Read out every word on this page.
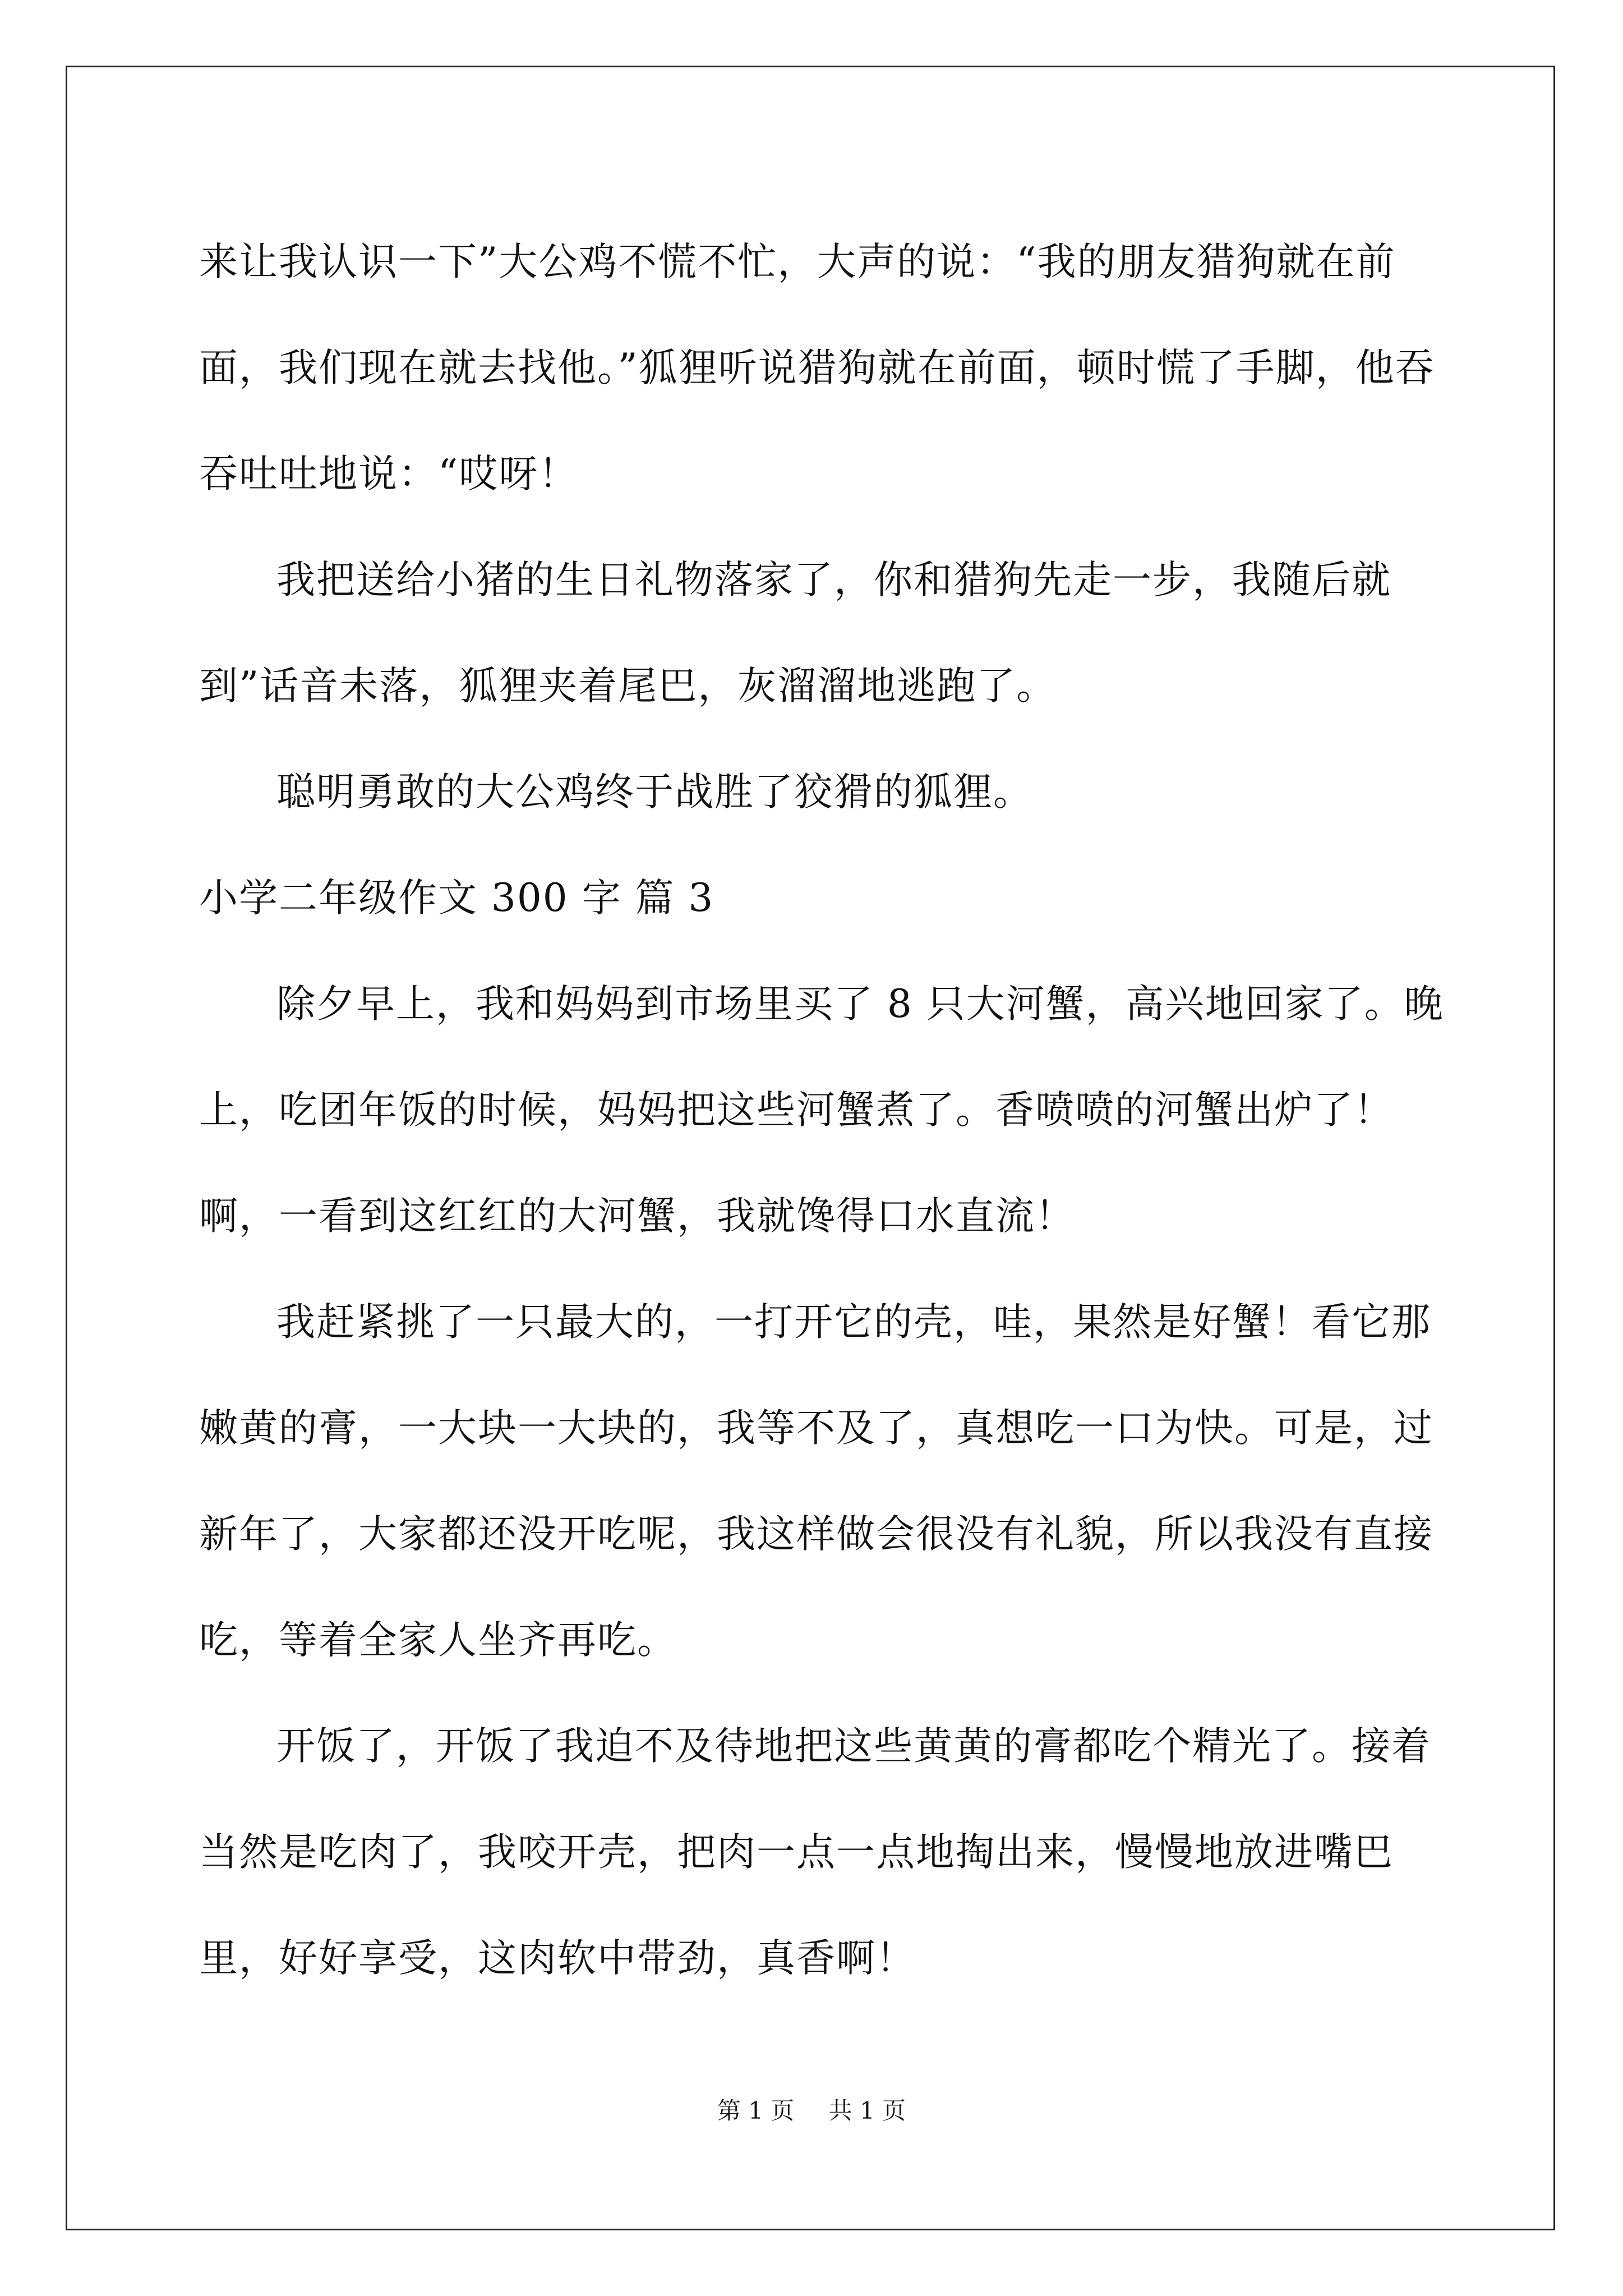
来让我认识一下”大公鸡不慌不忙，大声的说：“我的朋友猎狗就在前面，我们现在就去找他。”狐狸听说猎狗就在前面，顿时慌了手脚，他吞吞吐吐地说：“哎呀！

我把送给小猪的生日礼物落家了，你和猎狗先走一步，我随后就到”话音未落，狐狸夹着尾巴，灰溜溜地逃跑了。

聪明勇敢的大公鸡终于战胜了狡猾的狐狸。

小学二年级作文 300 字 篇 3

除夕早上，我和妈妈到市场里买了 8 只大河蟹，高兴地回家了。晚上，吃团年饭的时候，妈妈把这些河蟹煮了。香喷喷的河蟹出炉了！啊，一看到这红红的大河蟹，我就馋得口水直流！

我赶紧挑了一只最大的，一打开它的壳，哇，果然是好蟹！看它那嫩黄的膏，一大块一大块的，我等不及了，真想吃一口为快。可是，过新年了，大家都还没开吃呢，我这样做会很没有礼貌，所以我没有直接吃，等着全家人坐齐再吃。

开饭了，开饭了我迫不及待地把这些黄黄的膏都吃个精光了。接着当然是吃肉了，我咬开壳，把肉一点一点地掏出来，慢慢地放进嘴巴里，好好享受，这肉软中带劲，真香啊！

第 1 页 共 1 页
